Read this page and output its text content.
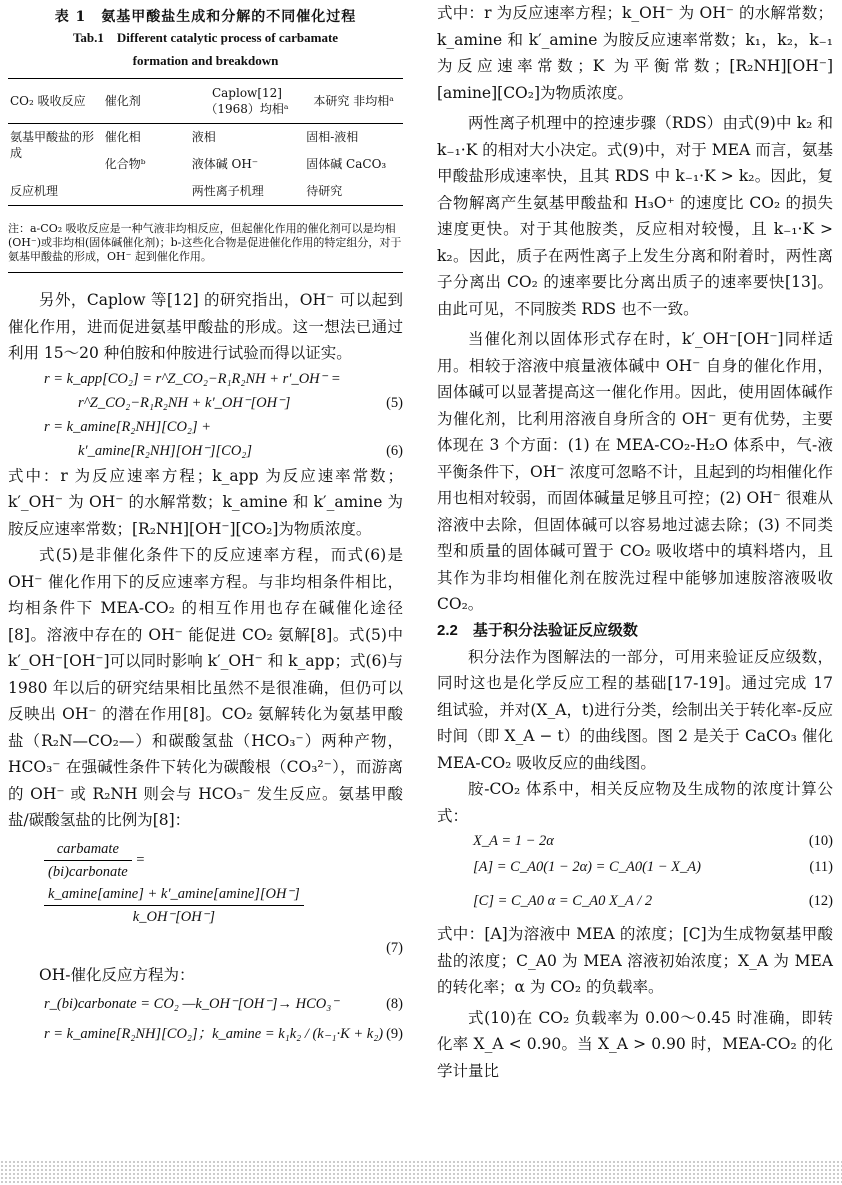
表 1　氨基甲酸盐生成和分解的不同催化过程
Tab.1　Different catalytic process of carbamate
formation and breakdown
CO₂ 吸收反应	催化剂	Caplow[12]（1968）均相ᵃ	本研究 非均相ᵃ
氨基甲酸盐的形成	催化相	液相	固相-液相
	化合物ᵇ	液体碱 OH⁻	固体碱 CaCO₃
反应机理		两性离子机理	待研究
注：a-CO₂ 吸收反应是一种气液非均相反应，但起催化作用的催化剂可以是均相(OH⁻)或非均相(固体碱催化剂)；b-这些化合物是促进催化作用的特定组分，对于氨基甲酸盐的形成，OH⁻ 起到催化作用。

另外，Caplow 等[12] 的研究指出，OH⁻ 可以起到催化作用，进而促进氨基甲酸盐的形成。这一想法已通过利用 15～20 种伯胺和仲胺进行试验而得以证实。

r = k_app[CO₂] = r^Z_CO₂−R₁R₂NH + r′_OH⁻ =
r^Z_CO₂−R₁R₂NH + k′_OH⁻[OH⁻]	(5)
r = k_amine[R₂NH][CO₂] +
k′_amine[R₂NH][OH⁻][CO₂]	(6)

式中：r 为反应速率方程；k_app 为反应速率常数；k′_OH⁻ 为 OH⁻ 的水解常数；k_amine 和 k′_amine 为胺反应速率常数；[R₂NH][OH⁻][CO₂]为物质浓度。

式(5)是非催化条件下的反应速率方程，而式(6)是 OH⁻ 催化作用下的反应速率方程。与非均相条件相比，均相条件下 MEA-CO₂ 的相互作用也存在碱催化途径[8]。溶液中存在的 OH⁻ 能促进 CO₂ 氨解[8]。式(5)中 k′_OH⁻[OH⁻]可以同时影响 k′_OH⁻ 和 k_app；式(6)与 1980 年以后的研究结果相比虽然不是很准确，但仍可以反映出 OH⁻ 的潜在作用[8]。CO₂ 氨解转化为氨基甲酸盐（R₂N—CO₂—）和碳酸氢盐（HCO₃⁻）两种产物，HCO₃⁻ 在强碱性条件下转化为碳酸根（CO₃²⁻），而游离的 OH⁻ 或 R₂NH 则会与 HCO₃⁻ 发生反应。氨基甲酸盐/碳酸氢盐的比例为[8]：

$\frac{\text{carbamate}}{\text{(bi)carbonate}}$ =
$\frac{k\_amine[amine] + k'\_amine[amine][OH^-]}{k\_OH^-[OH^-]}$
(7)

OH-催化反应方程为：

r_(bi)carbonate = CO₂ —k_OH⁻[OH⁻]→ HCO₃⁻	(8)
r = k_amine[R₂NH][CO₂]；k_amine = k₁k₂ / (k₋₁·K + k₂) (9)

式中：r 为反应速率方程；k_OH⁻ 为 OH⁻ 的水解常数；k_amine 和 k′_amine 为胺反应速率常数；k₁，k₂，k₋₁ 为反应速率常数；K 为平衡常数；[R₂NH][OH⁻][amine][CO₂]为物质浓度。

两性离子机理中的控速步骤（RDS）由式(9)中 k₂ 和 k₋₁·K 的相对大小决定。式(9)中，对于 MEA 而言，氨基甲酸盐形成速率快，且其 RDS 中 k₋₁·K > k₂。因此，复合物解离产生氨基甲酸盐和 H₃O⁺ 的速度比 CO₂ 的损失速度更快。对于其他胺类，反应相对较慢，且 k₋₁·K > k₂。因此，质子在两性离子上发生分离和附着时，两性离子分离出 CO₂ 的速率要比分离出质子的速率要快[13]。由此可见，不同胺类 RDS 也不一致。

当催化剂以固体形式存在时，k′_OH⁻[OH⁻]同样适用。相较于溶液中痕量液体碱中 OH⁻ 自身的催化作用，固体碱可以显著提高这一催化作用。因此，使用固体碱作为催化剂，比利用溶液自身所含的 OH⁻ 更有优势，主要体现在 3 个方面：(1) 在 MEA-CO₂-H₂O 体系中，气-液平衡条件下，OH⁻ 浓度可忽略不计，且起到的均相催化作用也相对较弱，而固体碱量足够且可控；(2) OH⁻ 很难从溶液中去除，但固体碱可以容易地过滤去除；(3) 不同类型和质量的固体碱可置于 CO₂ 吸收塔中的填料塔内，且其作为非均相催化剂在胺洗过程中能够加速胺溶液吸收 CO₂。

2.2　基于积分法验证反应级数

积分法作为图解法的一部分，可用来验证反应级数，同时这也是化学反应工程的基础[17-19]。通过完成 17 组试验，并对(X_A，t)进行分类，绘制出关于转化率-反应时间（即 X_A − t）的曲线图。图 2 是关于 CaCO₃ 催化 MEA-CO₂ 吸收反应的曲线图。

胺-CO₂ 体系中，相关反应物及生成物的浓度计算公式：

X_A = 1 − 2α	(10)
[A] = C_A0(1 − 2α) = C_A0(1 − X_A)	(11)
[C] = C_A0 α = C_A0 X_A / 2	(12)

式中：[A]为溶液中 MEA 的浓度；[C]为生成物氨基甲酸盐的浓度；C_A0 为 MEA 溶液初始浓度；X_A 为 MEA 的转化率；α 为 CO₂ 的负载率。

式(10)在 CO₂ 负载率为 0.00～0.45 时准确，即转化率 X_A < 0.90。当 X_A > 0.90 时，MEA-CO₂ 的化学计量比
